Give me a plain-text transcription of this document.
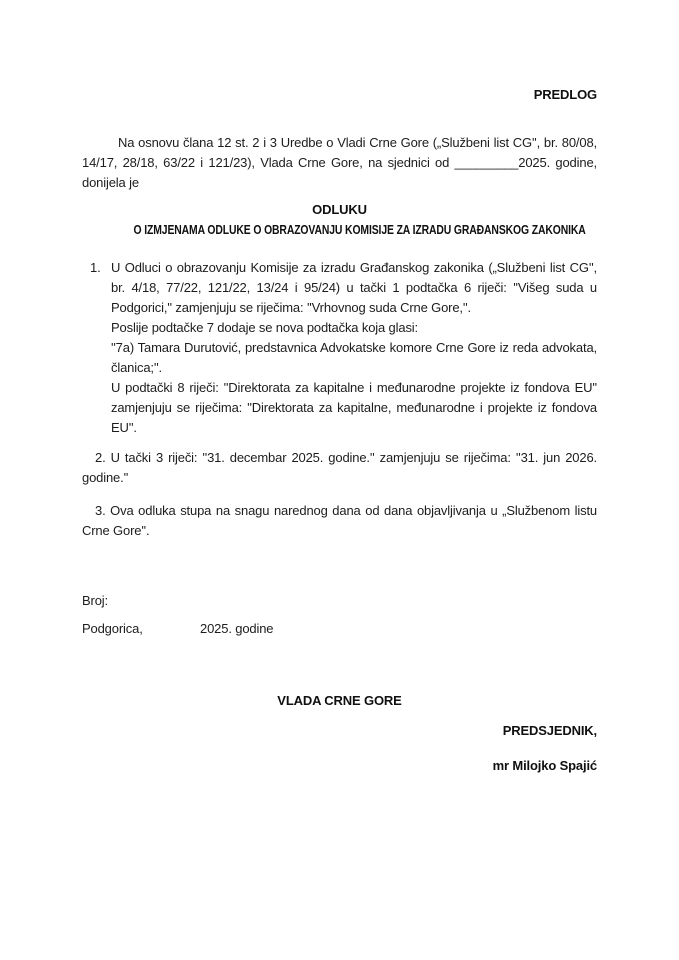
PREDLOG

Na osnovu člana 12 st. 2 i 3 Uredbe o Vladi Crne Gore („Službeni list CG'', br. 80/08, 14/17, 28/18, 63/22 i 121/23), Vlada Crne Gore, na sjednici od _________2025. godine, donijela je

ODLUKU
O IZMJENAMA ODLUKE O OBRAZOVANJU KOMISIJE ZA IZRADU GRAĐANSKOG ZAKONIKA
1. U Odluci o obrazovanju Komisije za izradu Građanskog zakonika („Službeni list CG'', br. 4/18, 77/22, 121/22, 13/24 i 95/24) u tački 1 podtačka 6 riječi: ''Višeg suda u Podgorici,'' zamjenjuju se riječima: ''Vrhovnog suda Crne Gore,''.

Poslije podtačke 7 dodaje se nova podtačka koja glasi:

''7a) Tamara Durutović, predstavnica Advokatske komore Crne Gore iz reda advokata, članica;''.

U podtački 8 riječi: ''Direktorata za kapitalne i međunarodne projekte iz fondova EU'' zamjenjuju se riječima: ''Direktorata za kapitalne, međunarodne i projekte iz fondova EU''.

2. U tački 3 riječi: ''31. decembar 2025. godine.'' zamjenjuju se riječima: ''31. jun 2026. godine.''

3. Ova odluka stupa na snagu narednog dana od dana objavljivanja u „Službenom listu Crne Gore''.

Broj:
Podgorica,	2025. godine
VLADA CRNE GORE
PREDSJEDNIK,
mr Milojko Spajić
